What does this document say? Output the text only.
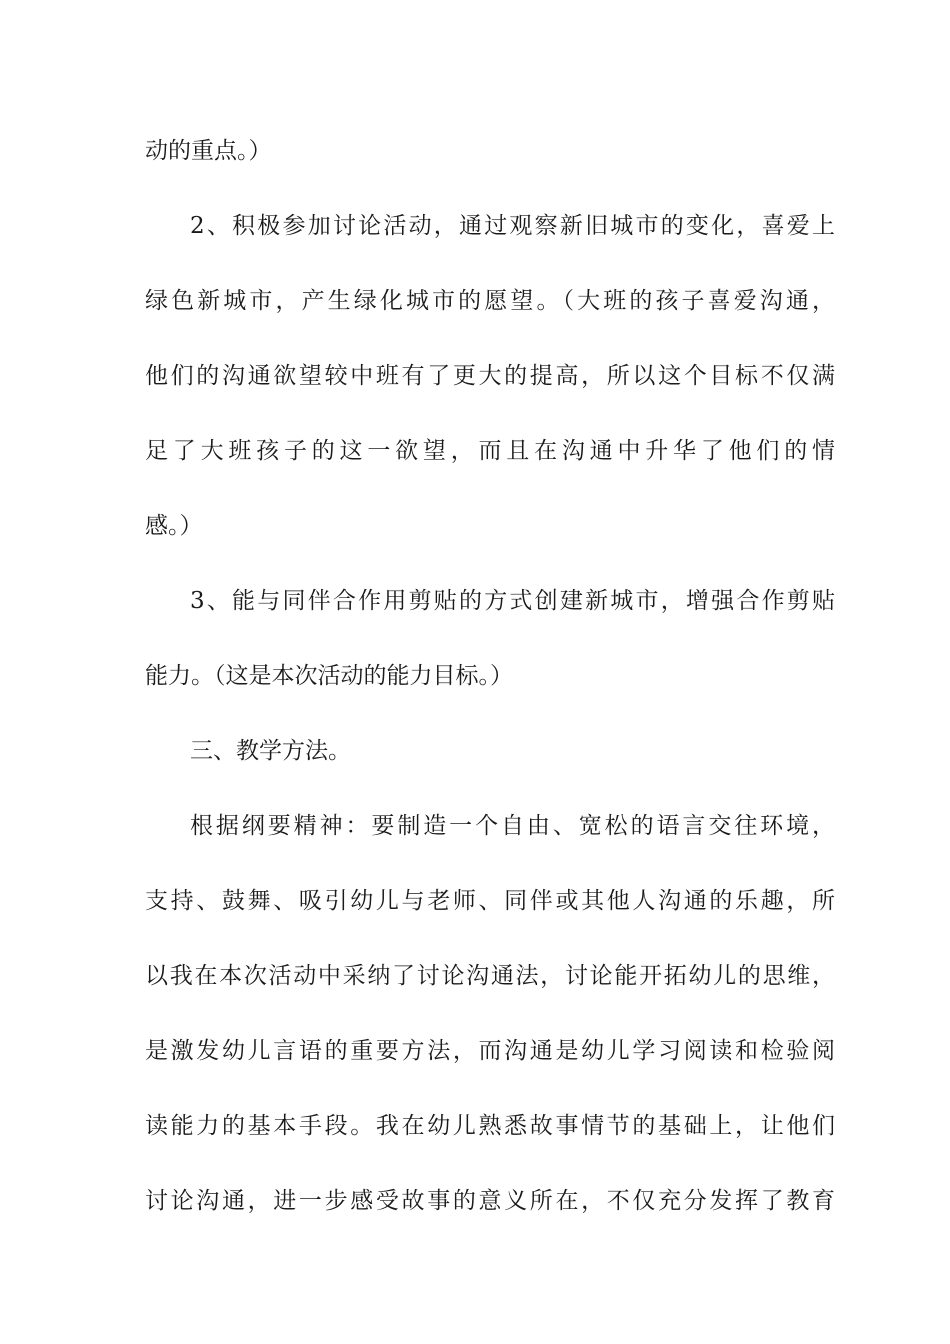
动的重点。）
2、积极参加讨论活动，通过观察新旧城市的变化，喜爱上
绿色新城市，产生绿化城市的愿望。（大班的孩子喜爱沟通，
他们的沟通欲望较中班有了更大的提高，所以这个目标不仅满
足了大班孩子的这一欲望，而且在沟通中升华了他们的情
感。）
3、能与同伴合作用剪贴的方式创建新城市，增强合作剪贴
能力。（这是本次活动的能力目标。）
三、教学方法。
根据纲要精神：要制造一个自由、宽松的语言交往环境，
支持、鼓舞、吸引幼儿与老师、同伴或其他人沟通的乐趣，所
以我在本次活动中采纳了讨论沟通法，讨论能开拓幼儿的思维，
是激发幼儿言语的重要方法，而沟通是幼儿学习阅读和检验阅
读能力的基本手段。我在幼儿熟悉故事情节的基础上，让他们
讨论沟通，进一步感受故事的意义所在，不仅充分发挥了教育
